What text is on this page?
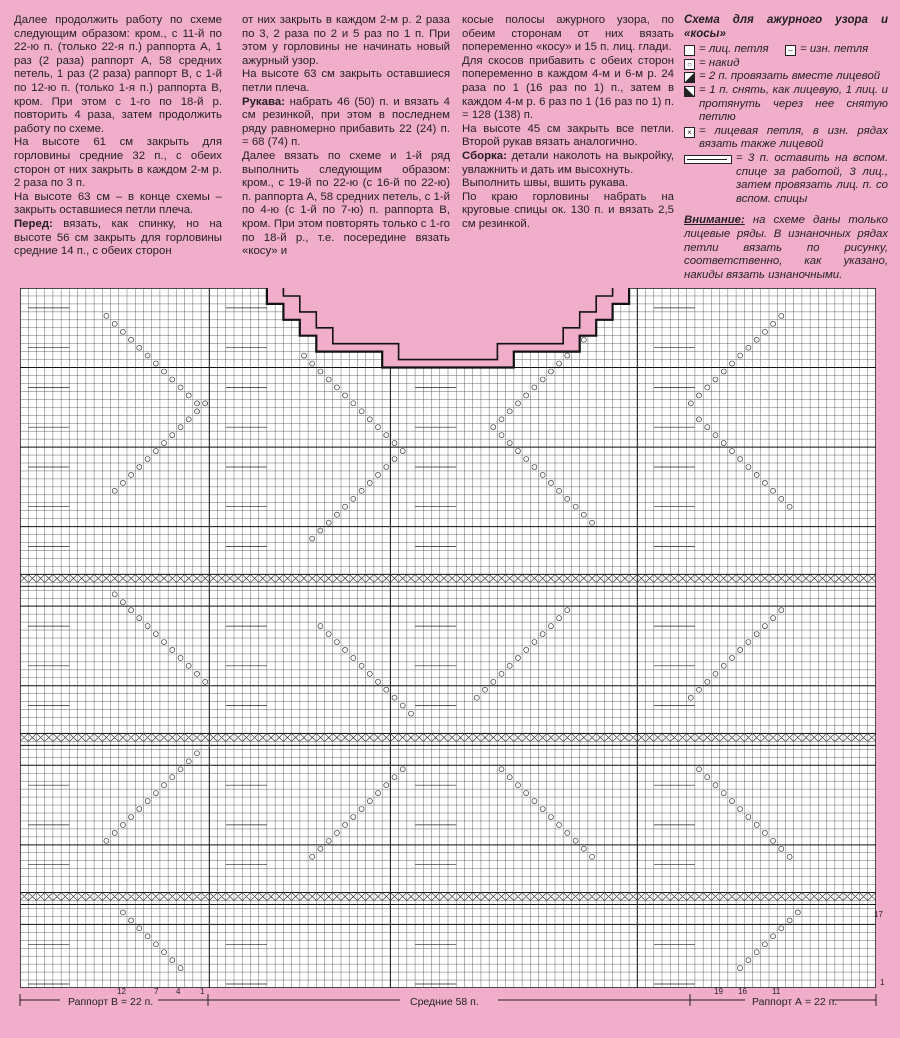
Далее продолжить работу по схеме следующим образом: кром., с 11-й по 22-ю п. (только 22-я п.) раппорта А, 1 раз (2 раза) раппорт А, 58 средних петель, 1 раз (2 раза) раппорт В, с 1-й по 12-ю п. (только 1-я п.) раппорта В, кром. При этом с 1-го по 18-й р. повторить 4 раза, затем продолжить работу по схеме.

На высоте 61 см закрыть для горловины средние 32 п., с обеих сторон от них закрыть в каждом 2-м р. 2 раза по 3 п.

На высоте 63 см – в конце схемы – закрыть оставшиеся петли плеча.

Перед: вязать, как спинку, но на высоте 56 см закрыть для горловины средние 14 п., с обеих сторон

от них закрыть в каждом 2-м р. 2 раза по 3, 2 раза по 2 и 5 раз по 1 п. При этом у горловины не начинать новый ажурный узор.

На высоте 63 см закрыть оставшиеся петли плеча.

Рукава: набрать 46 (50) п. и вязать 4 см резинкой, при этом в последнем ряду равномерно прибавить 22 (24) п. = 68 (74) п.

Далее вязать по схеме и 1-й ряд выполнить следующим образом: кром., с 19-й по 22-ю (с 16-й по 22-ю) п. раппорта А, 58 средних петель, с 1-й по 4-ю (с 1-й по 7-ю) п. раппорта В, кром. При этом повторять только с 1-го по 18-й р., т.е. посередине вязать «косу» и

косые полосы ажурного узора, по обеим сторонам от них вязать попеременно «косу» и 15 п. лиц. глади.

Для скосов прибавить с обеих сторон попеременно в каждом 4-м и 6-м р. 24 раза по 1 (16 раз по 1) п., затем в каждом 4-м р. 6 раз по 1 (16 раз по 1) п. = 128 (138) п.

На высоте 45 см закрыть все петли. Второй рукав вязать аналогично.

Сборка: детали наколоть на выкройку, увлажнить и дать им высохнуть.

Выполнить швы, вшить рукава.

По краю горловины набрать на круговые спицы ок. 130 п. и вязать 2,5 см резинкой.

Схема для ажурного узора и «косы»
= лиц. петля	– = изн. петля
○ = накид
= 2 п. провязать вместе лицевой
= 1 п. снять, как лицевую, 1 лиц. и протянуть через нее снятую петлю
× = лицевая петля, в изн. рядах вязать также лицевой
= 3 п. оставить на вспом. спице за работой, 3 лиц., затем провязать лиц. п. со вспом. спицы
Внимание: на схеме даны только лицевые ряды. В изнаночных рядах петли вязать по рисунку, соответственно, как указано, накиды вязать изнаночными.
17
1
12	7 4 1	19 16	11
Раппорт В = 22 п.	Средние 58 п.	Раппорт А = 22 п.
